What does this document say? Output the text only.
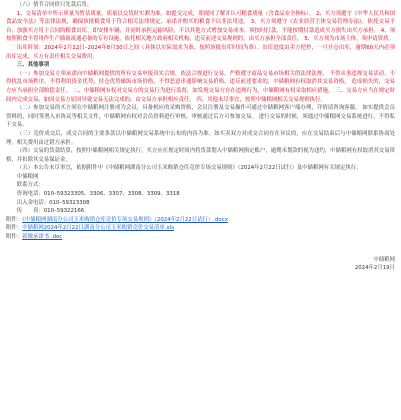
（六）情节合同价只先款后货。

1、交易清单中所示质量为暂估质量，质量以交货时实测为准。如提交完成，即视同了解并认可粮食质量（含食品安全指标）。 2、买方须遵守《中华人民共和国食品安全法》等法律法规，确保该批粮食用于符合相关法律规定，承诺并购买的粮食不以非法用途。 3、买方须遵守《农业经营主体交易管理办法》，依托交易平台，加强买方用于合同的粮食出库，即安排车辆，并同时承担运输风险，不以其他方式增加交易成本，须按时打款，不能按期付款造成买方损失由买方承担。 4、须按照粮食不得用作生产储备流通必备的专有设施，依托相关地方政府相关机构，违反前述交易规则的，由买方承担全部责任。 5、买方须为市场主体，须申请资质。

出库时间：2024年2月22日–2024年8月30日之间（具体以实际需求为准，按照该批出库时间为准）。出库进度由卖方把控，一旦开仓出库，逾期60天内必须出库完成，买方有责任相关交易费用。

三、其他事项

（一）参加交易方须承诺向中储粮网提供的所有交易申报真实合规，依法合规进行交易，严格遵守商品交易市场相关的法律法规， 不得从事违规交易活动，不得扰乱市场秩序，不得利用资金优势、持仓优势操纵市场价格，不得恶意串通影响交易价格，违反前述要求的，中储粮网有权取消其交易资格， 造成损失的，交易方应当承担全部赔偿责任。 二、中储粮网有权对交易方的交易行为进行监督，如发现交易方存在违规行为，中储粮网有权采取相应措施。 三、交易方应当在规定时间内完成交易，如因交易方原因导致交易无法完成的，由交易方承担相应责任。 四、其他未尽事宜，按照中储粮网相关交易规则执行。

（二）参加交易的买方须在中储粮网注册成为会员，具备相应的采购资格，会员注册及交易操作可通过中储粮网客户端办理，详情请咨询客服。 如实提供会员资料的，同时签署入市协议等相关文件，中储粮网有权对会员资料进行审核，审核通过后方可参加交易。 进行交易的时候，须通过中储粮网交易系统进行，不得私下交易。

（三）竞价成交后，成交合同的主要条款以中储粮网交易系统中公布的内容为准。如买卖双方对成交合同存在异议的，应在交易结束后与中储粮网联系协商处理，相关费用由过错方承担。

（四）交易的货款结算，按照中储粮网相关规定执行。买方应在规定时间内将货款划入中储粮网指定账户，逾期未划款的视为违约，中储粮网有权取消其交易资格，并扣除其交易保证金。

（五）本公告未尽事宜，依据附件中《中储粮网湖南分公司玉米购销仓库竞价专场交易规则》（2024年2月22日试行）及中储粮网有关规定执行。

中储粮网

联系方式：

咨询电话：010–59323305、3306、3307、3308、3309、3318

出入金电话：010–59323308

传　　真：010–59322166

附件：《中储粮网湖南分公司玉米购销仓库竞价专场交易规则》（2024年2月22日试行）.docx

附件：中储粮网2024年2月22日湖南分公司玉米购销竞价交易清单.xls

附件：新做承诺书 .doc

中储粮网

2024年2月19日
